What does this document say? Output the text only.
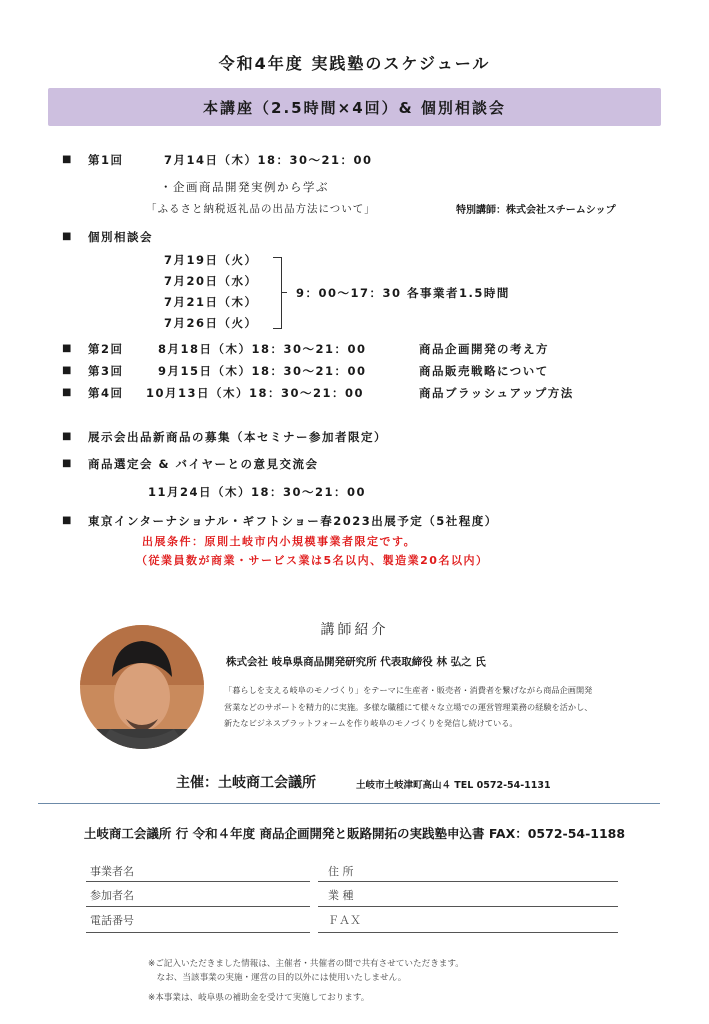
令和4年度 実践塾のスケジュール
本講座（2.5時間×4回）& 個別相談会
■ 第1回	7月14日（木）18：30～21：00
・企画商品開発実例から学ぶ
「ふるさと納税返礼品の出品方法について」	特別講師：株式会社スチームシップ
■ 個別相談会
7月19日（火）
7月20日（水）
7月21日（木）
7月26日（火）
9：00～17：30 各事業者1.5時間
■ 第2回	8月18日（木）18：30～21：00	商品企画開発の考え方
■ 第3回	9月15日（木）18：30～21：00	商品販売戦略について
■ 第4回 10月13日（木）18：30～21：00	商品ブラッシュアップ方法
■ 展示会出品新商品の募集（本セミナー参加者限定）
■ 商品選定会 & バイヤーとの意見交流会
11月24日（木）18：30～21：00
■ 東京インターナショナル・ギフトショー春2023出展予定（5社程度）
出展条件：原則土岐市内小規模事業者限定です。
（従業員数が商業・サービス業は5名以内、製造業20名以内）
講師紹介
株式会社 岐阜県商品開発研究所 代表取締役 林 弘之 氏
「暮らしを支える岐阜のモノづくり」をテーマに生産者・販売者・消費者を繋げながら商品企画開発営業などのサポートを精力的に実施。多様な職種にて様々な立場での運営管理業務の経験を活かし、新たなビジネスプラットフォームを作り岐阜のモノづくりを発信し続けている。
主催：土岐商工会議所	土岐市土岐津町高山４ TEL 0572-54-1131
土岐商工会議所 行 令和４年度 商品企画開発と販路開拓の実践塾申込書 FAX：0572-54-1188
事業者名	住 所
参加者名	業 種
電話番号	ＦＡＸ
※ご記入いただきました情報は、主催者・共催者の間で共有させていただきます。
　なお、当該事業の実施・運営の目的以外には使用いたしません。
※本事業は、岐阜県の補助金を受けて実施しております。
